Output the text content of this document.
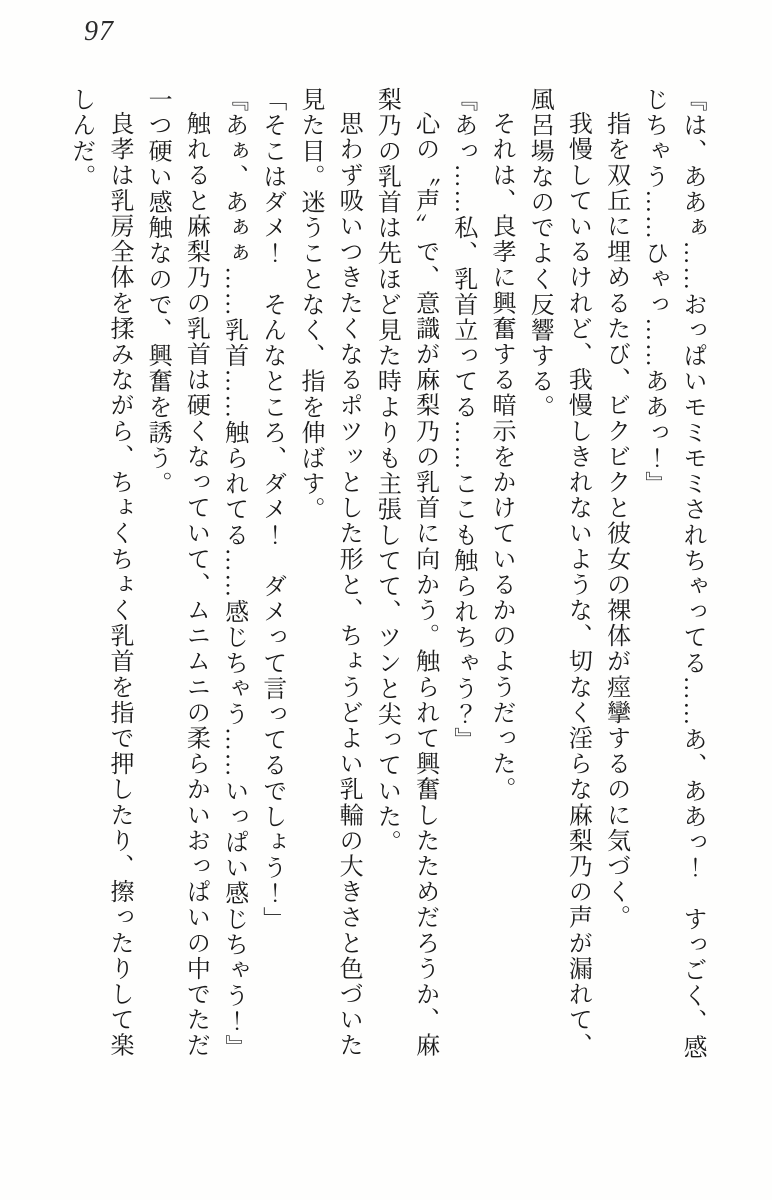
97

『は、ああぁ……おっぱいモミモミされちゃってる……あ、ああっ！　すっごく、感じちゃう……ひゃっ……ああっ！』

指を双丘に埋めるたび、ビクビクと彼女の裸体が痙攣するのに気づく。

我慢しているけれど、我慢しきれないような、切なく淫らな麻梨乃の声が漏れて、風呂場なのでよく反響する。

それは、良孝に興奮する暗示をかけているかのようだった。

『あっ……私、乳首立ってる……ここも触られちゃう？』

心の〝声〟で、意識が麻梨乃の乳首に向かう。触られて興奮したためだろうか、麻梨乃の乳首は先ほど見た時よりも主張してて、ツンと尖っていた。

思わず吸いつきたくなるポツッとした形と、ちょうどよい乳輪の大きさと色づいた見た目。迷うことなく、指を伸ばす。

「そこはダメ！　そんなところ、ダメ！　ダメって言ってるでしょう！」

『あぁ、あぁぁ……乳首……触られてる……感じちゃう……いっぱい感じちゃう！』

触れると麻梨乃の乳首は硬くなっていて、ムニムニの柔らかいおっぱいの中でただ一つ硬い感触なので、興奮を誘う。

良孝は乳房全体を揉みながら、ちょくちょく乳首を指で押したり、擦ったりして楽しんだ。
